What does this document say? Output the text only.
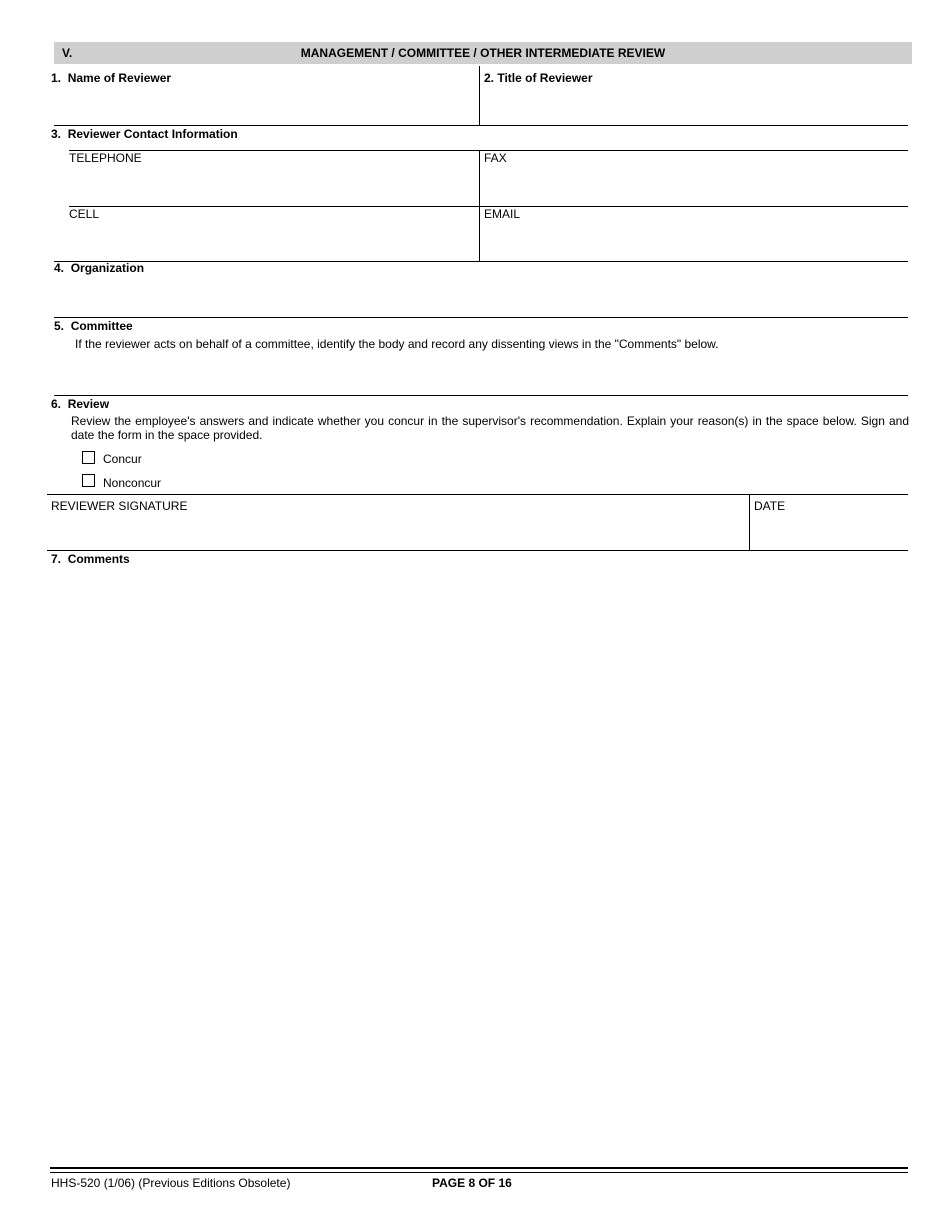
V.	MANAGEMENT / COMMITTEE / OTHER INTERMEDIATE REVIEW
1. Name of Reviewer	2. Title of Reviewer
3. Reviewer Contact Information
TELEPHONE	FAX
CELL	EMAIL
4. Organization
5. Committee
If the reviewer acts on behalf of a committee, identify the body and record any dissenting views in the "Comments" below.
6. Review
Review the employee's answers and indicate whether you concur in the supervisor's recommendation. Explain your reason(s) in the space below. Sign and date the form in the space provided.
Concur
Nonconcur
REVIEWER SIGNATURE	DATE
7. Comments
HHS-520 (1/06) (Previous Editions Obsolete)	PAGE 8 OF 16
